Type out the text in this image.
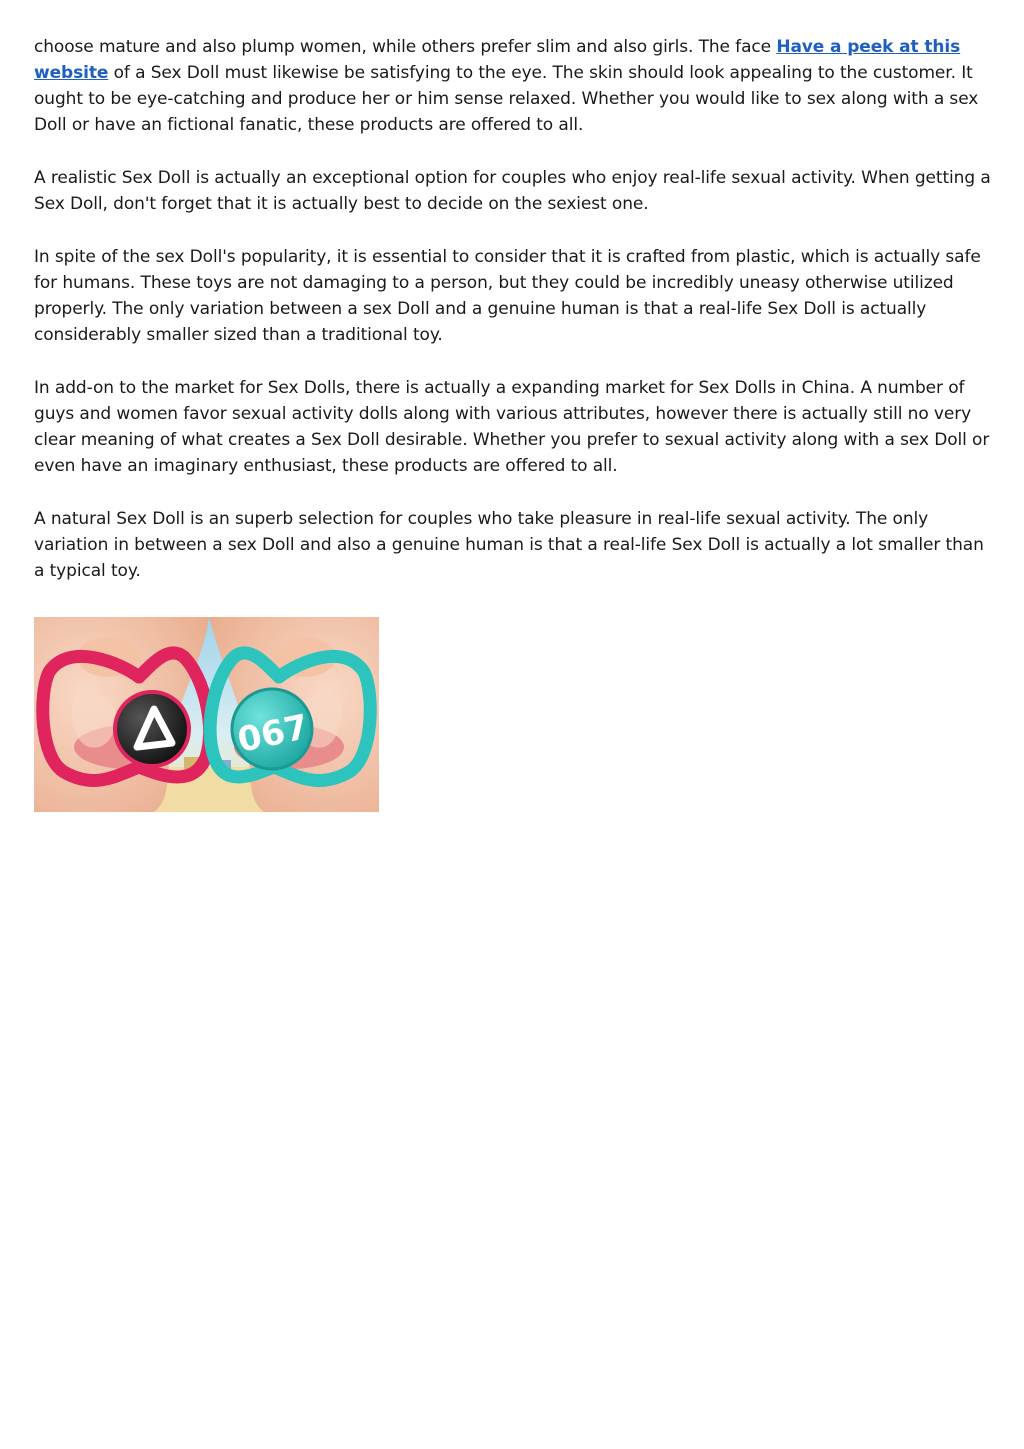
choose mature and also plump women, while others prefer slim and also girls. The face Have a peek at this website of a Sex Doll must likewise be satisfying to the eye. The skin should look appealing to the customer. It ought to be eye-catching and produce her or him sense relaxed. Whether you would like to sex along with a sex Doll or have an fictional fanatic, these products are offered to all.

A realistic Sex Doll is actually an exceptional option for couples who enjoy real-life sexual activity. When getting a Sex Doll, don't forget that it is actually best to decide on the sexiest one.

In spite of the sex Doll's popularity, it is essential to consider that it is crafted from plastic, which is actually safe for humans. These toys are not damaging to a person, but they could be incredibly uneasy otherwise utilized properly. The only variation between a sex Doll and a genuine human is that a real-life Sex Doll is actually considerably smaller sized than a traditional toy.

In add-on to the market for Sex Dolls, there is actually a expanding market for Sex Dolls in China. A number of guys and women favor sexual activity dolls along with various attributes, however there is actually still no very clear meaning of what creates a Sex Doll desirable. Whether you prefer to sexual activity along with a sex Doll or even have an imaginary enthusiast, these products are offered to all.

A natural Sex Doll is an superb selection for couples who take pleasure in real-life sexual activity. The only variation in between a sex Doll and also a genuine human is that a real-life Sex Doll is actually a lot smaller than a typical toy.

067
